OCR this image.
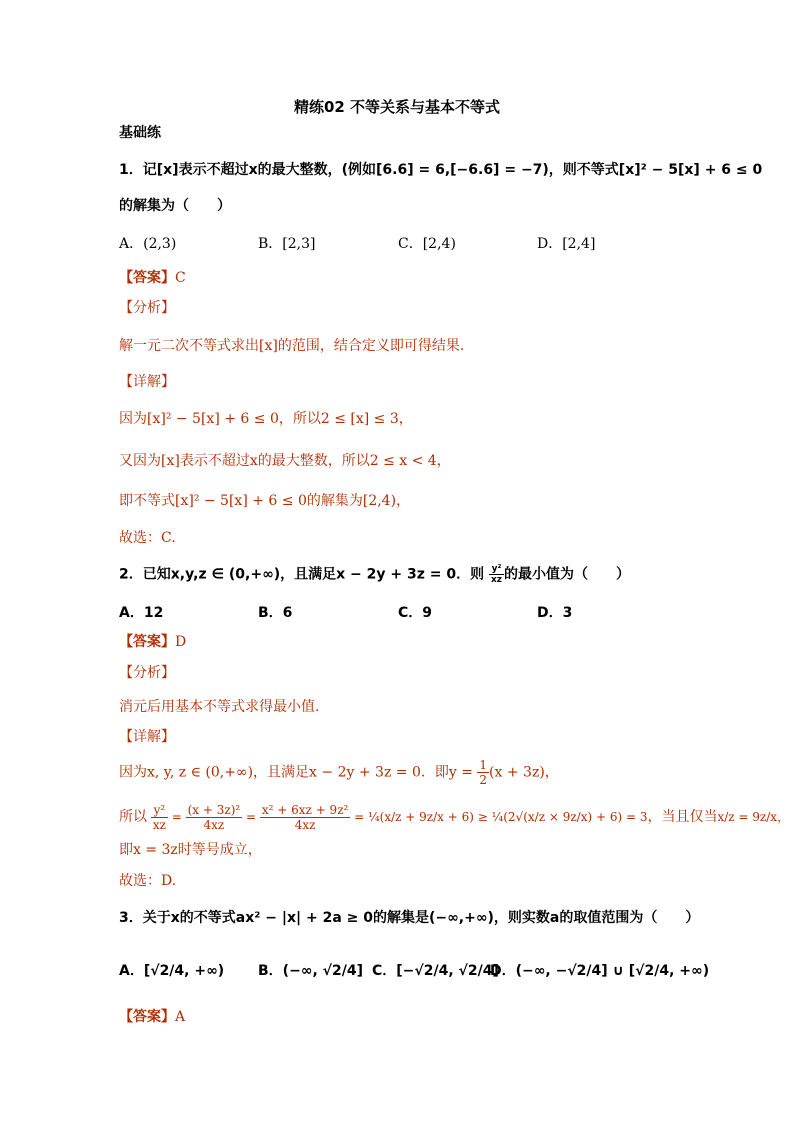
精练02 不等关系与基本不等式
基础练
1．记[x]表示不超过x的最大整数，(例如[6.6] = 6,[−6.6] = −7)，则不等式[x]² − 5[x] + 6 ≤ 0
的解集为（　　）
A．(2,3)	B．[2,3]	C．[2,4)	D．[2,4]
【答案】C
【分析】
解一元二次不等式求出[x]的范围，结合定义即可得结果.
【详解】
因为[x]² − 5[x] + 6 ≤ 0，所以2 ≤ [x] ≤ 3，
又因为[x]表示不超过x的最大整数，所以2 ≤ x < 4，
即不等式[x]² − 5[x] + 6 ≤ 0的解集为[2,4)，
故选：C.
2．已知x,y,z ∈ (0,+∞)，且满足x − 2y + 3z = 0．则 $\frac{\text{y²}}{xz}$ 的最小值为（　　）
A．12	B．6	C．9	D．3
【答案】D
【分析】
消元后用基本不等式求得最小值.
【详解】
因为x, y, z ∈ (0,+∞)，且满足x − 2y + 3z = 0．即$y = \frac{1}{2} (x + 3z)$，
所以 $\frac{\text{y²}}{xz} = \frac{\text{(x + 3z)²}}{4xz} = \frac{\text{x² + 6xz + 9z²}}{4xz}$ = ¼(x/z + 9z/x + 6) ≥ ¼(2√(x/z × 9z/x) + 6) = 3，当且仅当x/z = 9z/x，
即x = 3z时等号成立，
故选：D.
3．关于x的不等式ax² − |x| + 2a ≥ 0的解集是(−∞,+∞)，则实数a的取值范围为（　　）
A．[√2/4, +∞) B．(−∞, √2/4] C．[−√2/4, √2/4]
D．(−∞, −√2/4] ∪ [√2/4, +∞)
【答案】A
